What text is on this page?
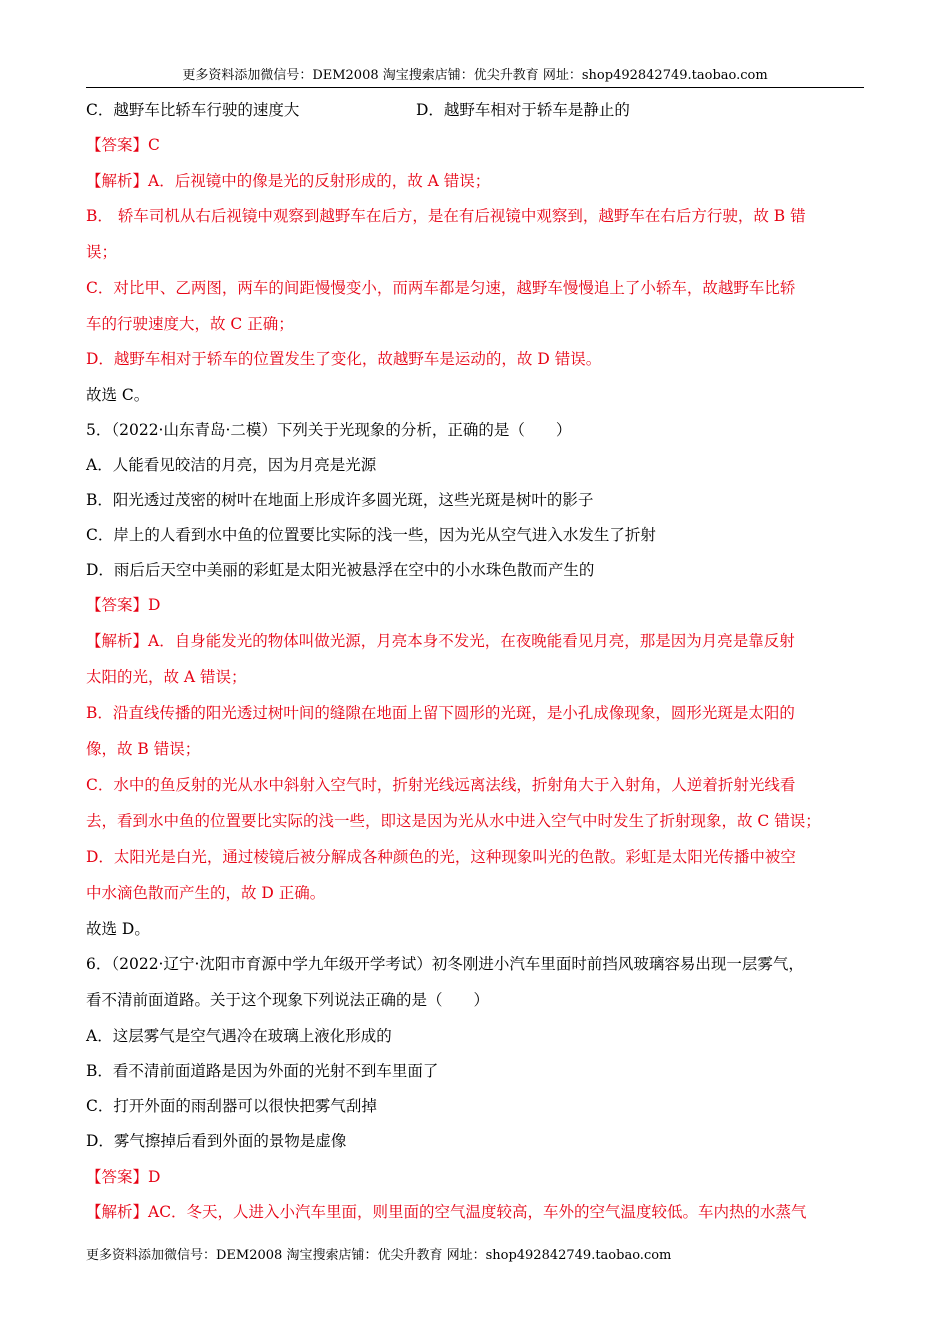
更多资料添加微信号：DEM2008 淘宝搜索店铺：优尖升教育 网址：shop492842749.taobao.com
C．越野车比轿车行驶的速度大	D．越野车相对于轿车是静止的
【答案】C
【解析】A．后视镜中的像是光的反射形成的，故 A 错误；
B． 轿车司机从右后视镜中观察到越野车在后方，是在有后视镜中观察到，越野车在右后方行驶，故 B 错
误；
C．对比甲、乙两图，两车的间距慢慢变小，而两车都是匀速，越野车慢慢追上了小轿车，故越野车比轿
车的行驶速度大，故 C 正确；
D．越野车相对于轿车的位置发生了变化，故越野车是运动的，故 D 错误。
故选 C。
5．（2022·山东青岛·二模）下列关于光现象的分析，正确的是（　　）
A．人能看见皎洁的月亮，因为月亮是光源
B．阳光透过茂密的树叶在地面上形成许多圆光斑，这些光斑是树叶的影子
C．岸上的人看到水中鱼的位置要比实际的浅一些，因为光从空气进入水发生了折射
D．雨后后天空中美丽的彩虹是太阳光被悬浮在空中的小水珠色散而产生的
【答案】D
【解析】A．自身能发光的物体叫做光源，月亮本身不发光，在夜晚能看见月亮，那是因为月亮是靠反射
太阳的光，故 A 错误；
B．沿直线传播的阳光透过树叶间的缝隙在地面上留下圆形的光斑，是小孔成像现象，圆形光斑是太阳的
像，故 B 错误；
C．水中的鱼反射的光从水中斜射入空气时，折射光线远离法线，折射角大于入射角，人逆着折射光线看
去，看到水中鱼的位置要比实际的浅一些，即这是因为光从水中进入空气中时发生了折射现象，故 C 错误；
D．太阳光是白光，通过棱镜后被分解成各种颜色的光，这种现象叫光的色散。彩虹是太阳光传播中被空
中水滴色散而产生的，故 D 正确。
故选 D。
6．（2022·辽宁·沈阳市育源中学九年级开学考试）初冬刚进小汽车里面时前挡风玻璃容易出现一层雾气，
看不清前面道路。关于这个现象下列说法正确的是（　　）
A．这层雾气是空气遇冷在玻璃上液化形成的
B．看不清前面道路是因为外面的光射不到车里面了
C．打开外面的雨刮器可以很快把雾气刮掉
D．雾气擦掉后看到外面的景物是虚像
【答案】D
【解析】AC．冬天，人进入小汽车里面，则里面的空气温度较高，车外的空气温度较低。车内热的水蒸气
更多资料添加微信号：DEM2008 淘宝搜索店铺：优尖升教育 网址：shop492842749.taobao.com
